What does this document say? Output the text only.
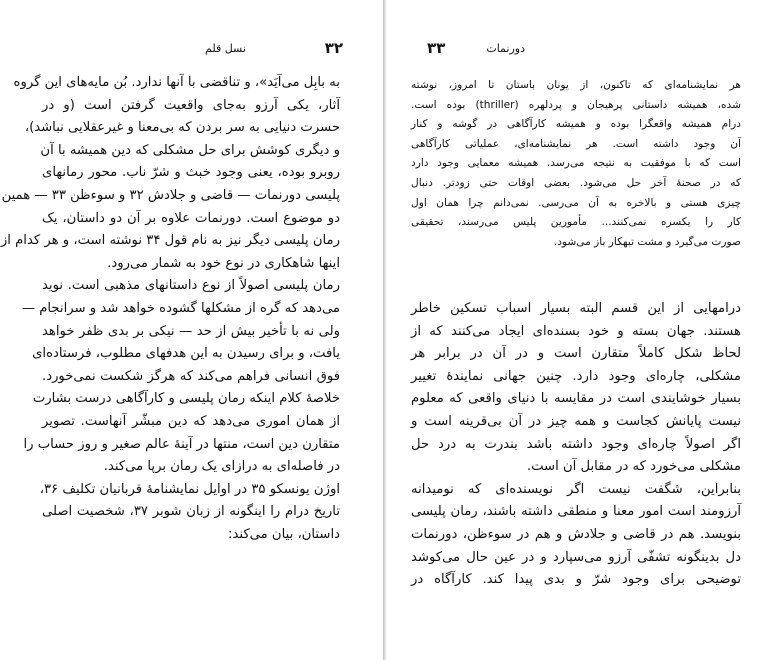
۳۲
نسل قلم
به بابِل می‌آیَد»، و تناقضی با آنها ندارد. بُن مایه‌های این گروه
آثار، یکی آرزو به‌جای واقعیت گرفتن است (و در
حسرت دنیایی به سر بردن که بی‌معنا و غیرعقلایی نباشد)،
و دیگری کوشش برای حل مشکلی که دین همیشه با آن
روبرو بوده، یعنی وجود خبث و شرّ ناب. محور رمانهای
پلیسی دورنمات — قاضی و جلادش ۳۲ و سوءظن ۳۳ — همین
دو موضوع است. دورنمات علاوه بر آن دو داستان، یک
رمان پلیسی دیگر نیز به نام قول ۳۴ نوشته است، و هر کدام از
اینها شاهکاری در نوع خود به شمار می‌رود.
رمان پلیسی اصولاً از نوع داستانهای مذهبی است. نوید
می‌دهد که گره از مشکلها گشوده خواهد شد و سرانجام —
ولی نه با تأخیر بیش از حد — نیکی بر بدی ظفر خواهد
یافت، و برای رسیدن به این هدفهای مطلوب، فرستاده‌ای
فوق انسانی فراهم می‌کند که هرگز شکست نمی‌خورد.
خلاصهٔ کلام اینکه رمان پلیسی و کارآگاهی درست بشارت
از همان اموری می‌دهد که دین مبشّر آنهاست. تصویر
متقارن دین است، منتها در آینهٔ عالم صغیر و روز حساب را
در فاصله‌ای به درازای یک رمان برپا می‌کند.
اوژن یونسکو ۳۵ در اوایل نمایشنامهٔ قربانیان تکلیف ۳۶،
تاریخ درام را اینگونه از زبان شوبر ۳۷، شخصیت اصلی
داستان، بیان می‌کند:
دورنمات
۳۳
هر نمایشنامه‌ای که تاکنون، از یونان باستان تا امروز، نوشته
شده، همیشه داستانی پرهیجان و پردلهره (thriller) بوده است.
درام همیشه واقعگرا بوده و همیشه کارآگاهی در گوشه و کنار
آن وجود داشته است. هر نمایشنامه‌ای، عملیاتی کارآگاهی
است که با موفقیت به نتیجه می‌رسد. همیشه معمایی وجود دارد
که در صحنهٔ آخر حل می‌شود. بعضی اوقات حتی زودتر. دنبال
چیزی هستی و بالاخره به آن می‌رسی. نمی‌دانم چرا همان اول
کار را یکسره نمی‌کنند... مأمورین پلیس می‌رسند، تحقیقی
صورت می‌گیرد و مشت تبهکار باز می‌شود.
درامهایی از این قسم البته بسیار اسباب تسکین خاطر
هستند. جهان بسته و خود بسنده‌ای ایجاد می‌کنند که از
لحاظ شکل کاملاً متقارن است و در آن در برابر هر
مشکلی، چاره‌ای وجود دارد. چنین جهانی نمایندهٔ تغییر
بسیار خوشایندی است در مقایسه با دنیای واقعی که معلوم
نیست پایانش کجاست و همه چیز در آن بی‌قرینه است و
اگر اصولاً چاره‌ای وجود داشته باشد بندرت به درد حل
مشکلی می‌خورد که در مقابل آن است.
بنابراین، شگفت نیست اگر نویسنده‌ای که نومیدانه
آرزومند است امور معنا و منطقی داشته باشند، رمان پلیسی
بنویسد. هم در قاضی و جلادش و هم در سوءظن، دورنمات
دل بدینگونه تشفّی آرزو می‌سپارد و در عین حال می‌کوشد
توضیحی برای وجود شرّ و بدی پیدا کند. کارآگاه در
